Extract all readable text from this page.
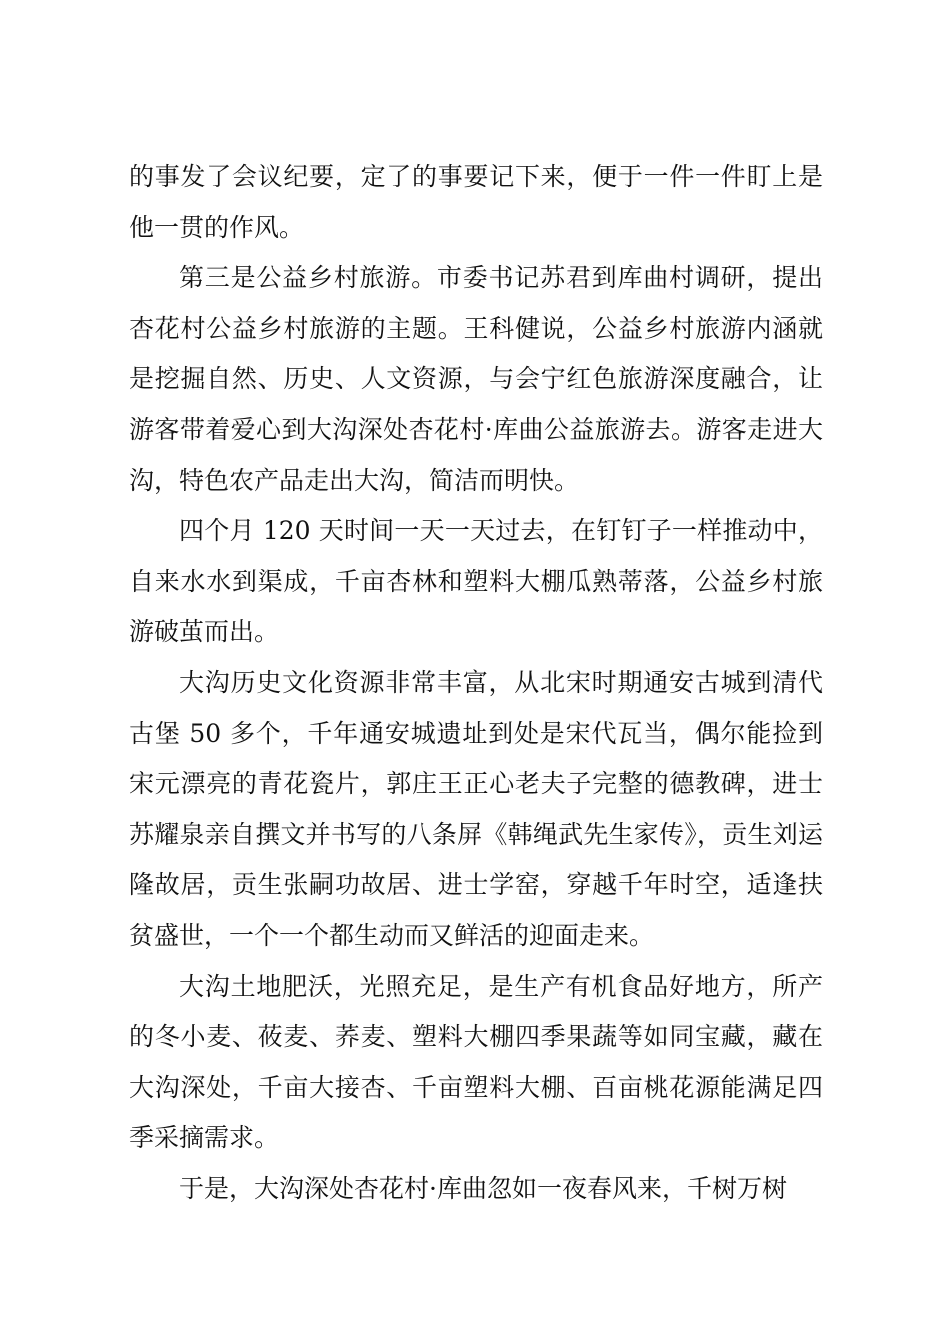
的事发了会议纪要，定了的事要记下来，便于一件一件盯上是他一贯的作风。

第三是公益乡村旅游。市委书记苏君到库曲村调研，提出杏花村公益乡村旅游的主题。王科健说，公益乡村旅游内涵就是挖掘自然、历史、人文资源，与会宁红色旅游深度融合，让游客带着爱心到大沟深处杏花村·库曲公益旅游去。游客走进大沟，特色农产品走出大沟，简洁而明快。

四个月 120 天时间一天一天过去，在钉钉子一样推动中，自来水水到渠成，千亩杏林和塑料大棚瓜熟蒂落，公益乡村旅游破茧而出。

大沟历史文化资源非常丰富，从北宋时期通安古城到清代古堡 50 多个，千年通安城遗址到处是宋代瓦当，偶尔能捡到宋元漂亮的青花瓷片，郭庄王正心老夫子完整的德教碑，进士苏耀泉亲自撰文并书写的八条屏《韩绳武先生家传》，贡生刘运隆故居，贡生张嗣功故居、进士学窑，穿越千年时空，适逢扶贫盛世，一个一个都生动而又鲜活的迎面走来。

大沟土地肥沃，光照充足，是生产有机食品好地方，所产的冬小麦、莜麦、荞麦、塑料大棚四季果蔬等如同宝藏，藏在大沟深处，千亩大接杏、千亩塑料大棚、百亩桃花源能满足四季采摘需求。

于是，大沟深处杏花村·库曲忽如一夜春风来，千树万树
